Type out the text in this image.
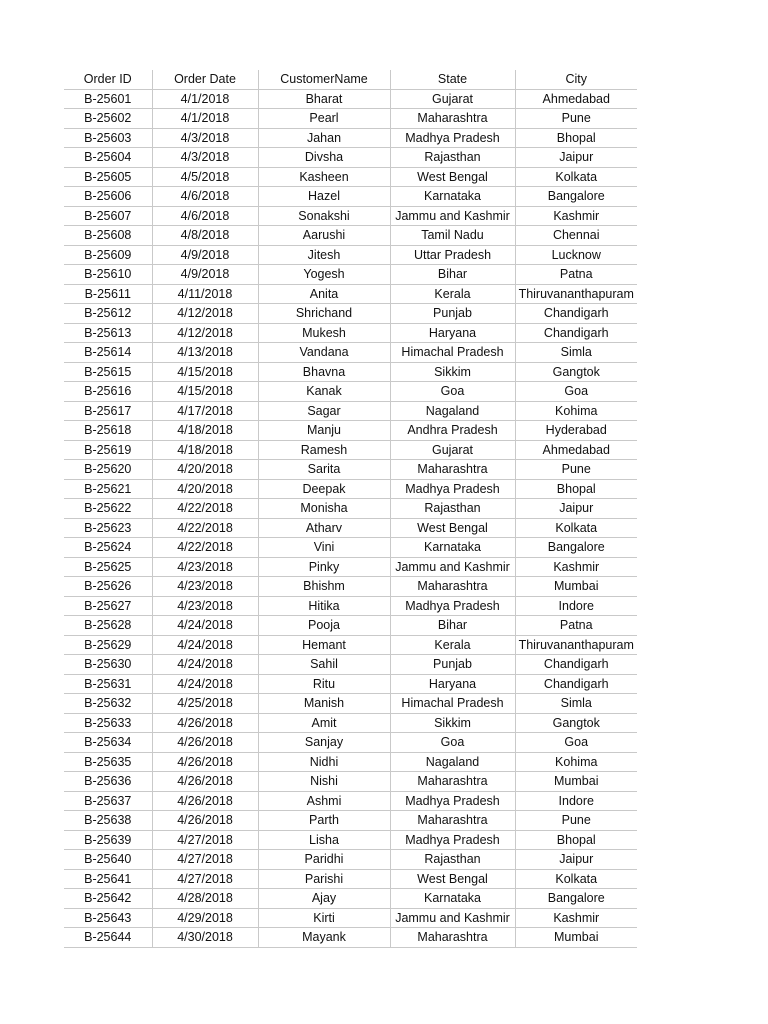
Order ID	Order Date	CustomerName	State	City
B-25601	4/1/2018	Bharat	Gujarat	Ahmedabad
B-25602	4/1/2018	Pearl	Maharashtra	Pune
B-25603	4/3/2018	Jahan	Madhya Pradesh	Bhopal
B-25604	4/3/2018	Divsha	Rajasthan	Jaipur
B-25605	4/5/2018	Kasheen	West Bengal	Kolkata
B-25606	4/6/2018	Hazel	Karnataka	Bangalore
B-25607	4/6/2018	Sonakshi	Jammu and Kashmir	Kashmir
B-25608	4/8/2018	Aarushi	Tamil Nadu	Chennai
B-25609	4/9/2018	Jitesh	Uttar Pradesh	Lucknow
B-25610	4/9/2018	Yogesh	Bihar	Patna
B-25611	4/11/2018	Anita	Kerala	Thiruvananthapuram
B-25612	4/12/2018	Shrichand	Punjab	Chandigarh
B-25613	4/12/2018	Mukesh	Haryana	Chandigarh
B-25614	4/13/2018	Vandana	Himachal Pradesh	Simla
B-25615	4/15/2018	Bhavna	Sikkim	Gangtok
B-25616	4/15/2018	Kanak	Goa	Goa
B-25617	4/17/2018	Sagar	Nagaland	Kohima
B-25618	4/18/2018	Manju	Andhra Pradesh	Hyderabad
B-25619	4/18/2018	Ramesh	Gujarat	Ahmedabad
B-25620	4/20/2018	Sarita	Maharashtra	Pune
B-25621	4/20/2018	Deepak	Madhya Pradesh	Bhopal
B-25622	4/22/2018	Monisha	Rajasthan	Jaipur
B-25623	4/22/2018	Atharv	West Bengal	Kolkata
B-25624	4/22/2018	Vini	Karnataka	Bangalore
B-25625	4/23/2018	Pinky	Jammu and Kashmir	Kashmir
B-25626	4/23/2018	Bhishm	Maharashtra	Mumbai
B-25627	4/23/2018	Hitika	Madhya Pradesh	Indore
B-25628	4/24/2018	Pooja	Bihar	Patna
B-25629	4/24/2018	Hemant	Kerala	Thiruvananthapuram
B-25630	4/24/2018	Sahil	Punjab	Chandigarh
B-25631	4/24/2018	Ritu	Haryana	Chandigarh
B-25632	4/25/2018	Manish	Himachal Pradesh	Simla
B-25633	4/26/2018	Amit	Sikkim	Gangtok
B-25634	4/26/2018	Sanjay	Goa	Goa
B-25635	4/26/2018	Nidhi	Nagaland	Kohima
B-25636	4/26/2018	Nishi	Maharashtra	Mumbai
B-25637	4/26/2018	Ashmi	Madhya Pradesh	Indore
B-25638	4/26/2018	Parth	Maharashtra	Pune
B-25639	4/27/2018	Lisha	Madhya Pradesh	Bhopal
B-25640	4/27/2018	Paridhi	Rajasthan	Jaipur
B-25641	4/27/2018	Parishi	West Bengal	Kolkata
B-25642	4/28/2018	Ajay	Karnataka	Bangalore
B-25643	4/29/2018	Kirti	Jammu and Kashmir	Kashmir
B-25644	4/30/2018	Mayank	Maharashtra	Mumbai
